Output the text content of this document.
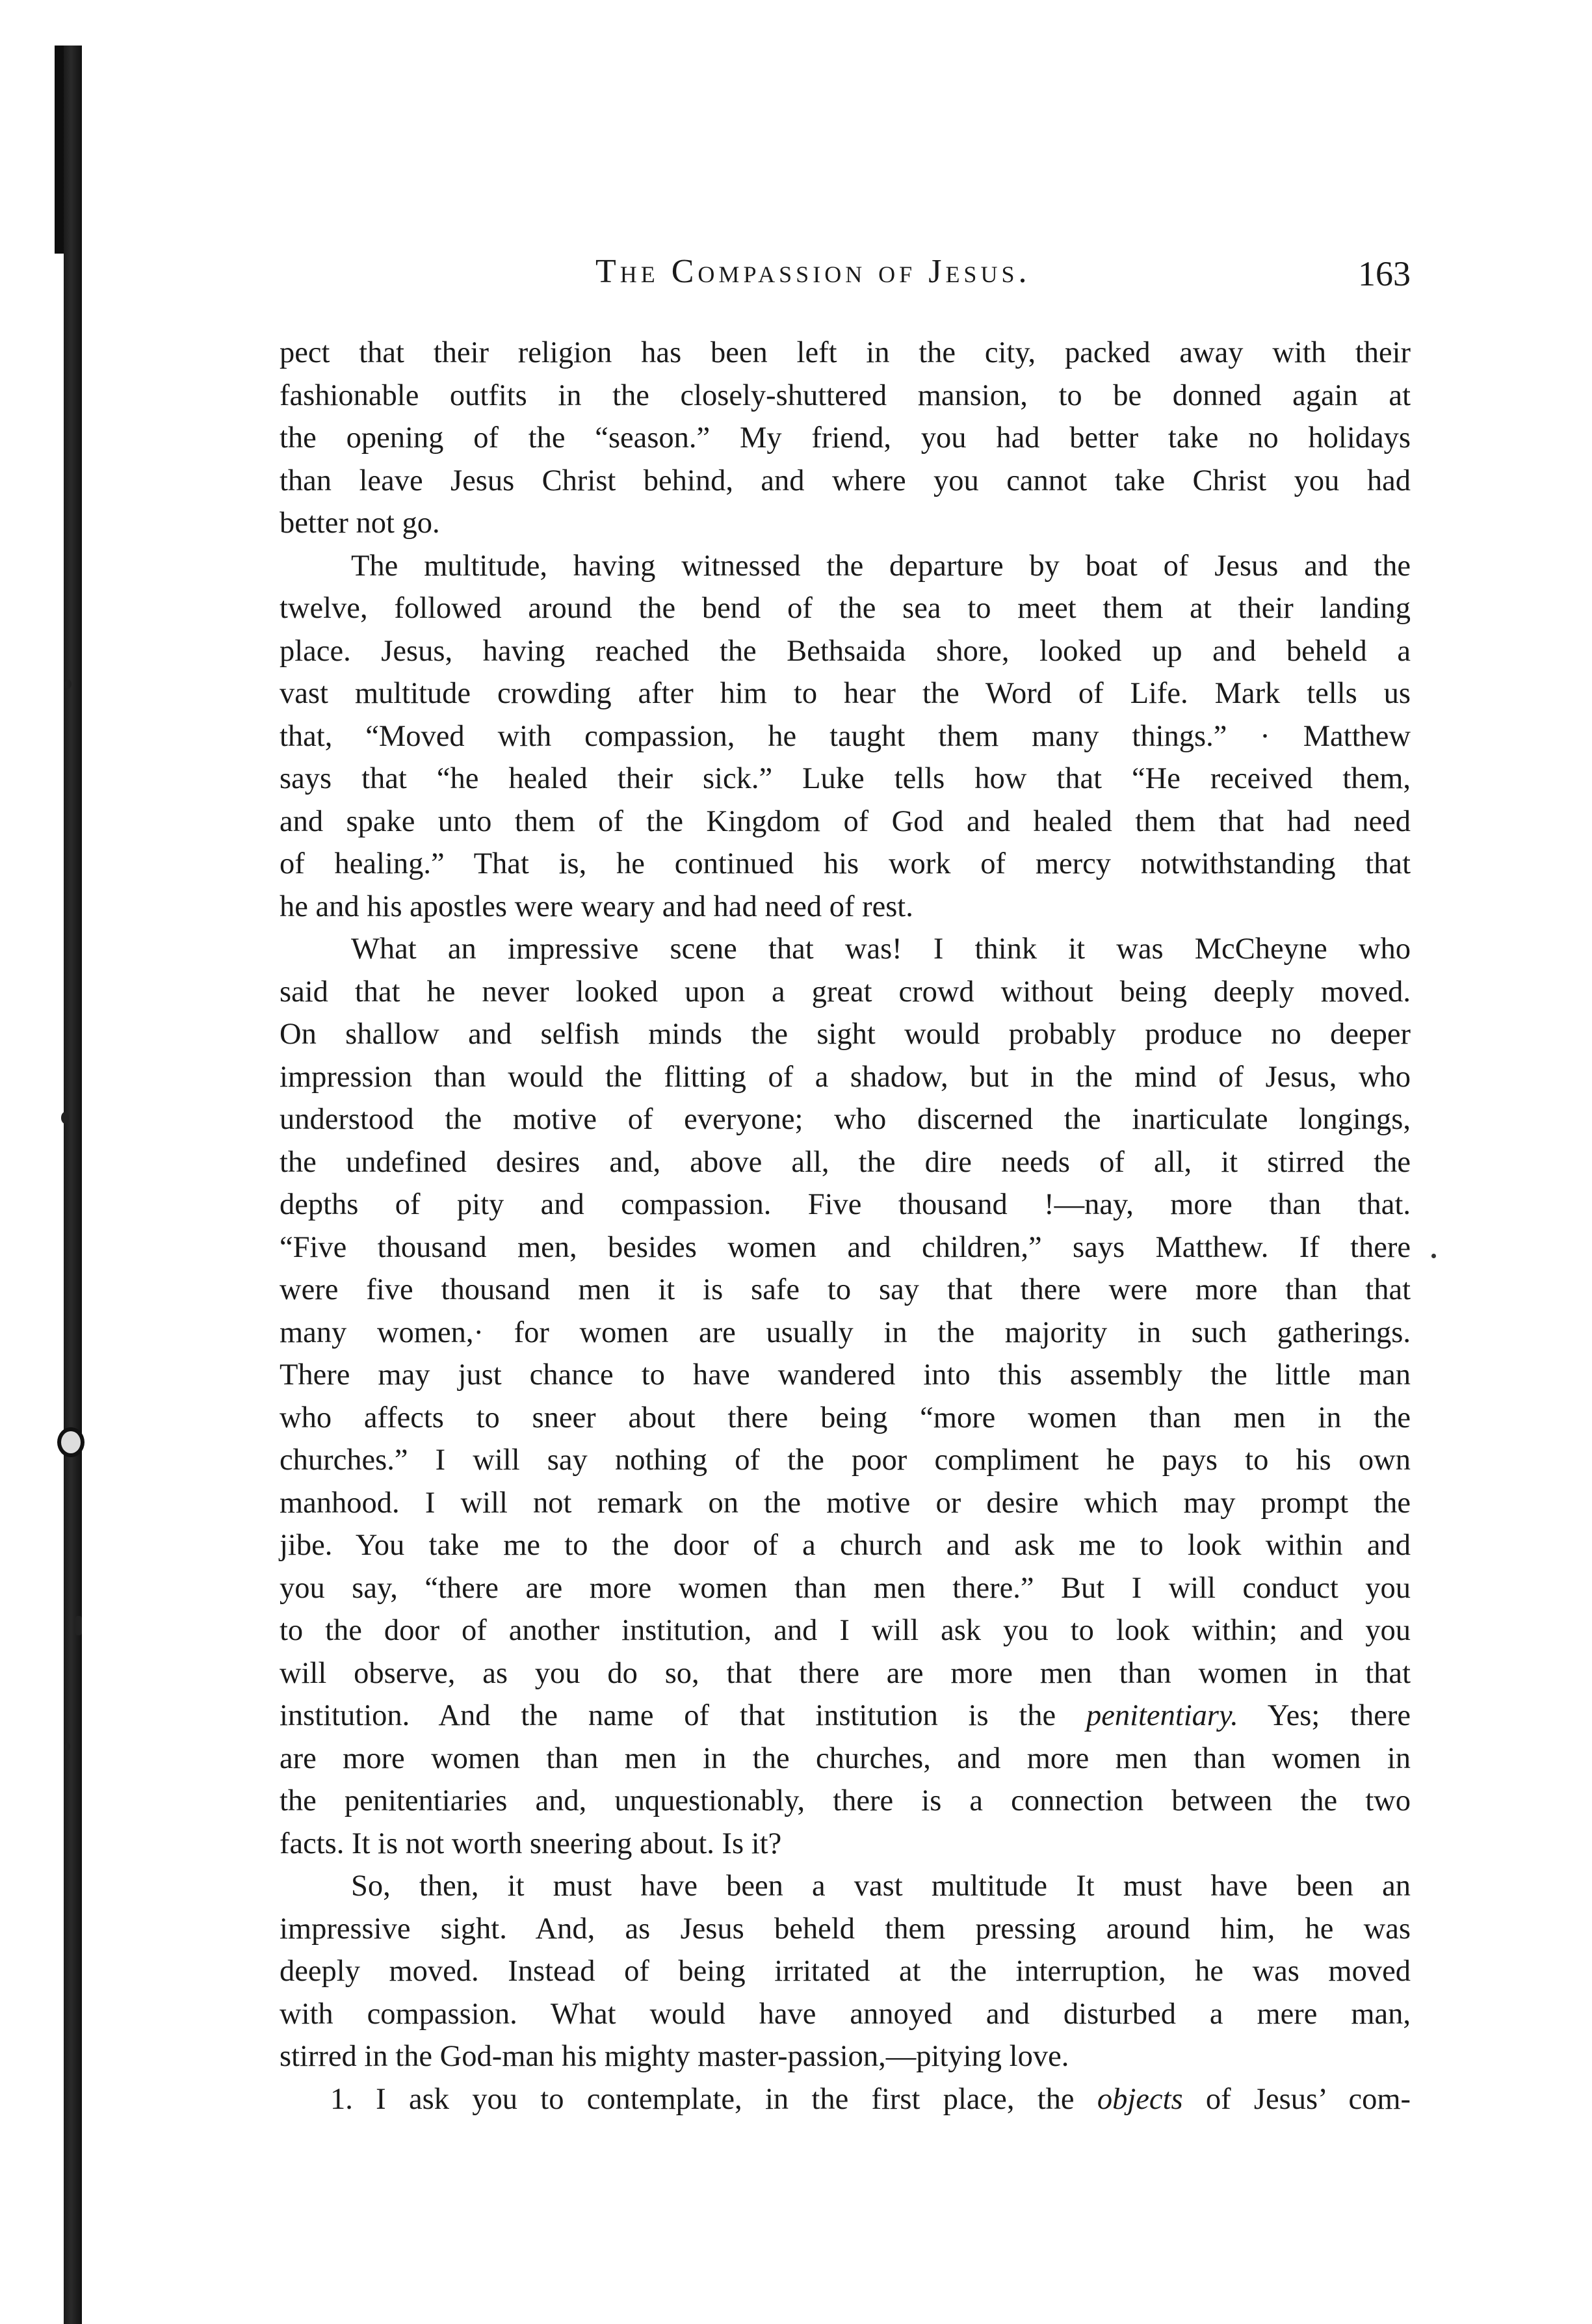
The Compassion of Jesus.	163
pect that their religion has been left in the city, packed away with their
fashionable outfits in the closely-shuttered mansion, to be donned again at
the opening of the “season.” My friend, you had better take no holidays
than leave Jesus Christ behind, and where you cannot take Christ you had
better not go.
The multitude, having witnessed the departure by boat of Jesus and the
twelve, followed around the bend of the sea to meet them at their landing
place. Jesus, having reached the Bethsaida shore, looked up and beheld a
vast multitude crowding after him to hear the Word of Life. Mark tells us
that, “Moved with compassion, he taught them many things.” · Matthew
says that “he healed their sick.” Luke tells how that “He received them,
and spake unto them of the Kingdom of God and healed them that had need
of healing.” That is, he continued his work of mercy notwithstanding that
he and his apostles were weary and had need of rest.
What an impressive scene that was! I think it was McCheyne who
said that he never looked upon a great crowd without being deeply moved.
On shallow and selfish minds the sight would probably produce no deeper
impression than would the flitting of a shadow, but in the mind of Jesus, who
understood the motive of everyone; who discerned the inarticulate longings,
the undefined desires and, above all, the dire needs of all, it stirred the
depths of pity and compassion. Five thousand !—nay, more than that.
“Five thousand men, besides women and children,” says Matthew. If there
were five thousand men it is safe to say that there were more than that
many women,· for women are usually in the majority in such gatherings.
There may just chance to have wandered into this assembly the little man
who affects to sneer about there being “more women than men in the
churches.” I will say nothing of the poor compliment he pays to his own
manhood. I will not remark on the motive or desire which may prompt the
jibe. You take me to the door of a church and ask me to look within and
you say, “there are more women than men there.” But I will conduct you
to the door of another institution, and I will ask you to look within; and you
will observe, as you do so, that there are more men than women in that
institution. And the name of that institution is the penitentiary. Yes; there
are more women than men in the churches, and more men than women in
the penitentiaries and, unquestionably, there is a connection between the two
facts. It is not worth sneering about. Is it?
So, then, it must have been a vast multitude It must have been an
impressive sight. And, as Jesus beheld them pressing around him, he was
deeply moved. Instead of being irritated at the interruption, he was moved
with compassion. What would have annoyed and disturbed a mere man,
stirred in the God-man his mighty master-passion,—pitying love.
1. I ask you to contemplate, in the first place, the objects of Jesus’ com-
